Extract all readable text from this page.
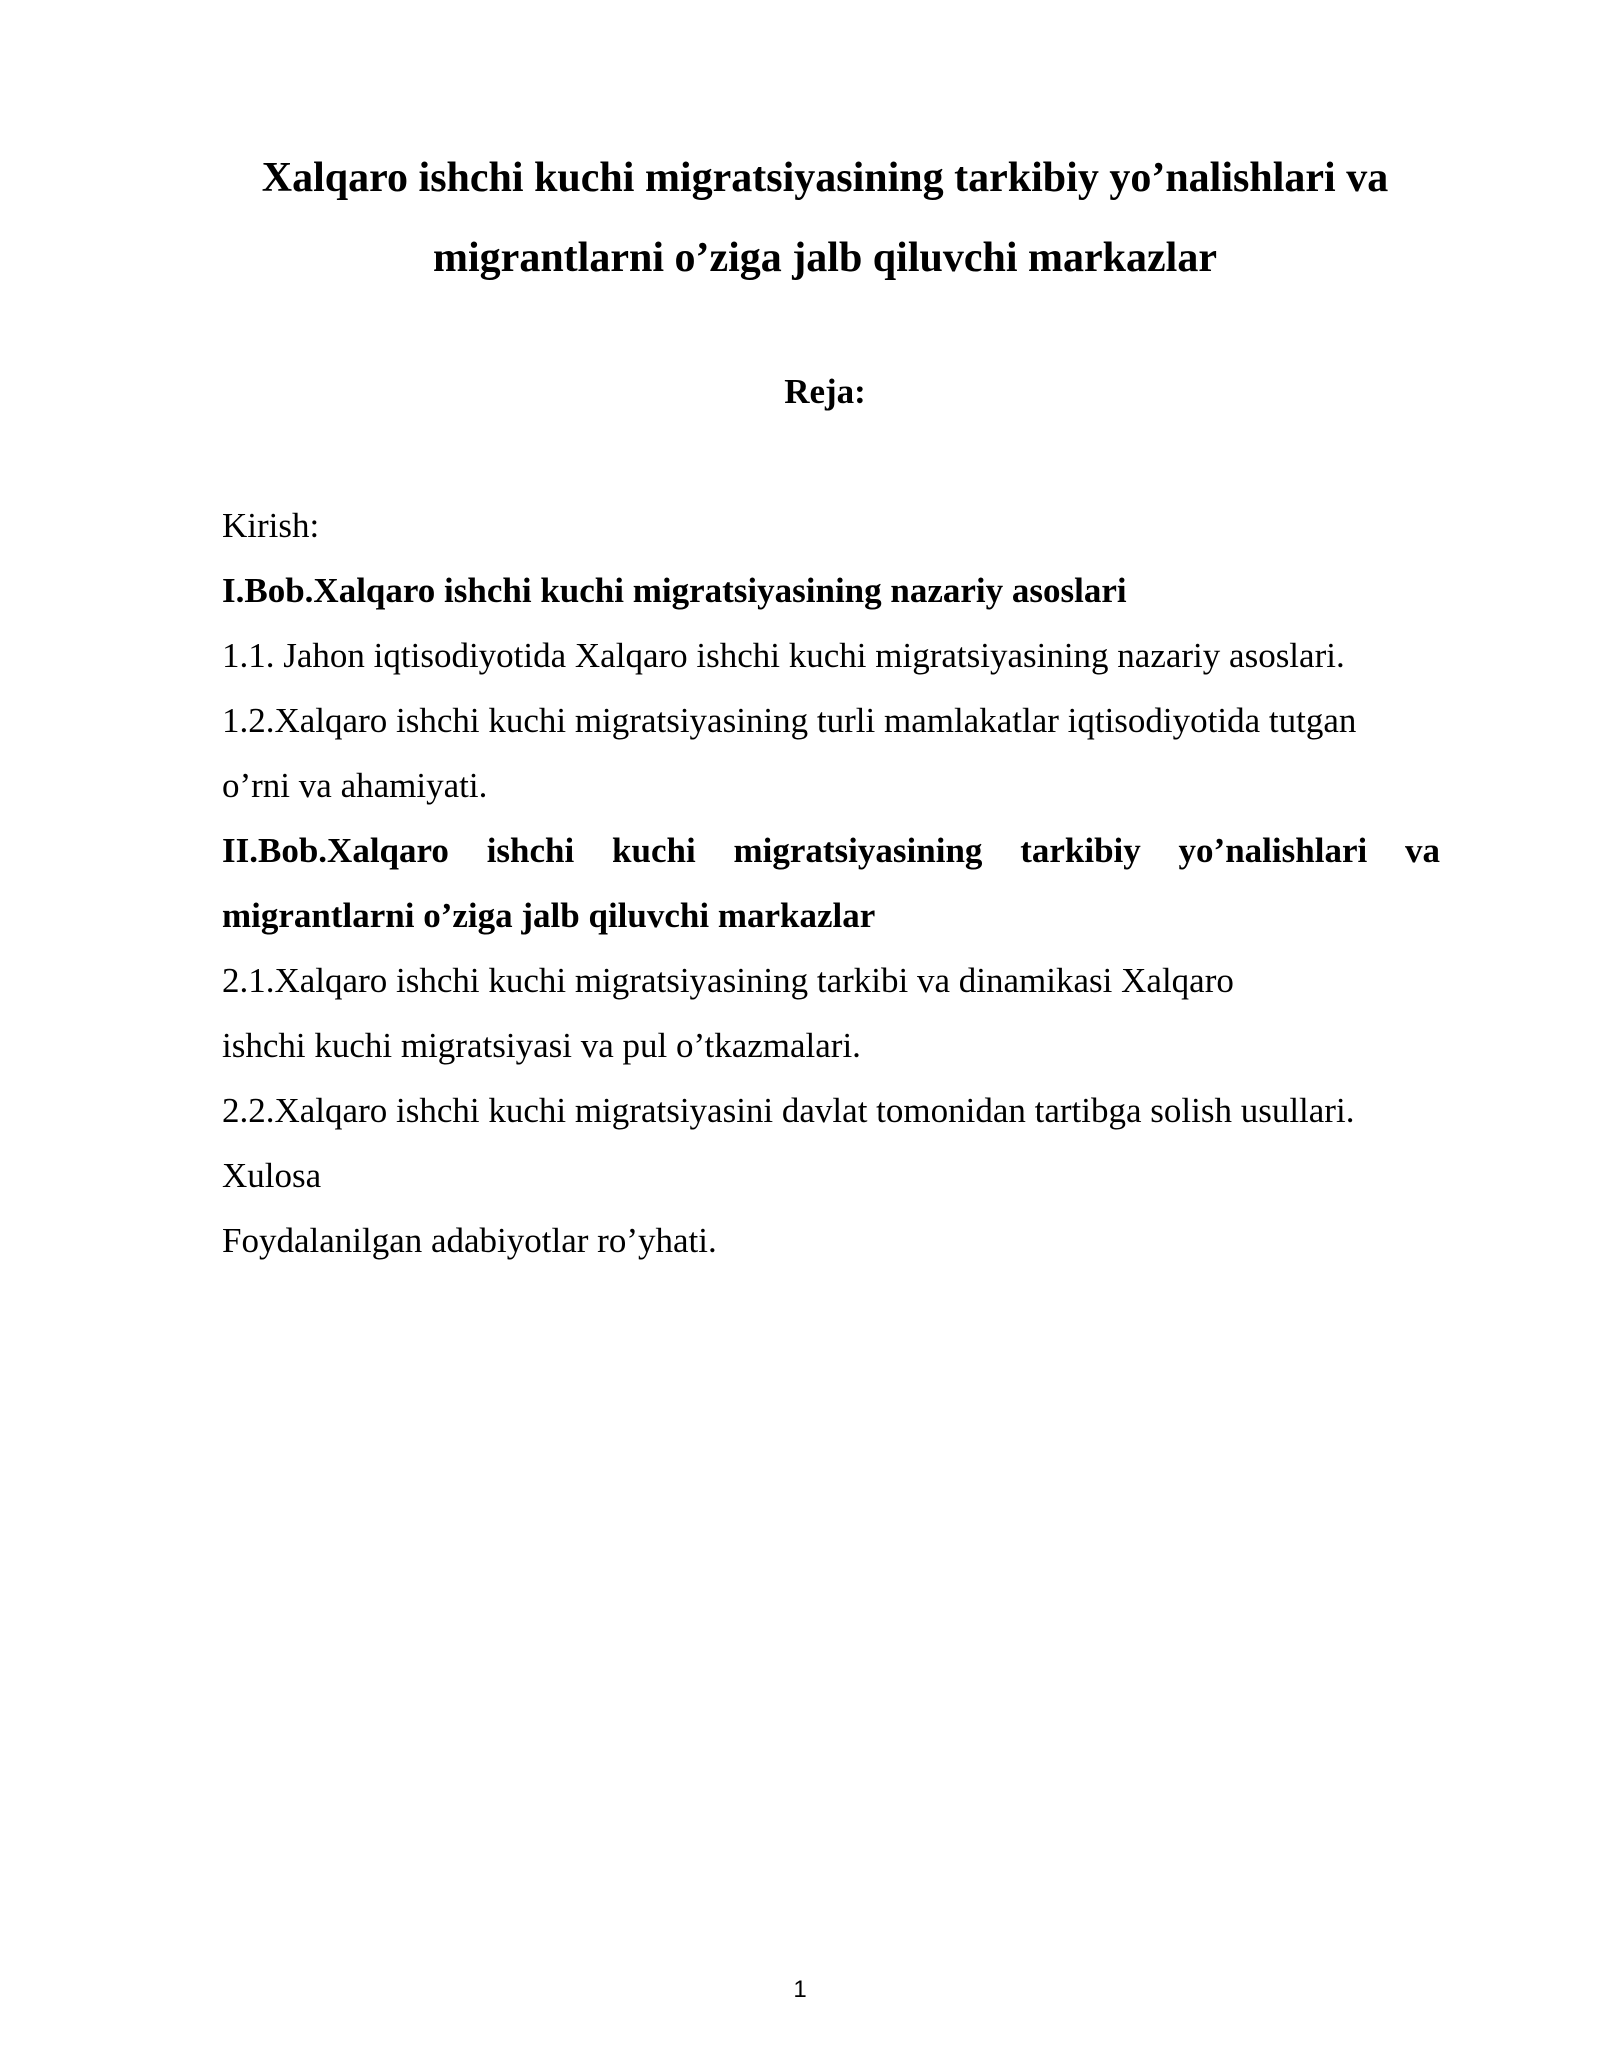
Xalqaro ishchi kuchi migratsiyasining tarkibiy yo’nalishlari va
migrantlarni o’ziga jalb qiluvchi markazlar
Reja:
Kirish:
I.Bob.Xalqaro ishchi kuchi migratsiyasining nazariy asoslari
1.1. Jahon iqtisodiyotida Xalqaro ishchi kuchi migratsiyasining nazariy asoslari.
1.2.Xalqaro ishchi kuchi migratsiyasining turli mamlakatlar iqtisodiyotida tutgan
o’rni va ahamiyati.
II.Bob.Xalqaro ishchi kuchi migratsiyasining tarkibiy yo’nalishlari va
migrantlarni o’ziga jalb qiluvchi markazlar
2.1.Xalqaro ishchi kuchi migratsiyasining tarkibi va dinamikasi Xalqaro
ishchi kuchi migratsiyasi va pul o’tkazmalari.
2.2.Xalqaro ishchi kuchi migratsiyasini davlat tomonidan tartibga solish usullari.
Xulosa
Foydalanilgan adabiyotlar ro’yhati.
1
